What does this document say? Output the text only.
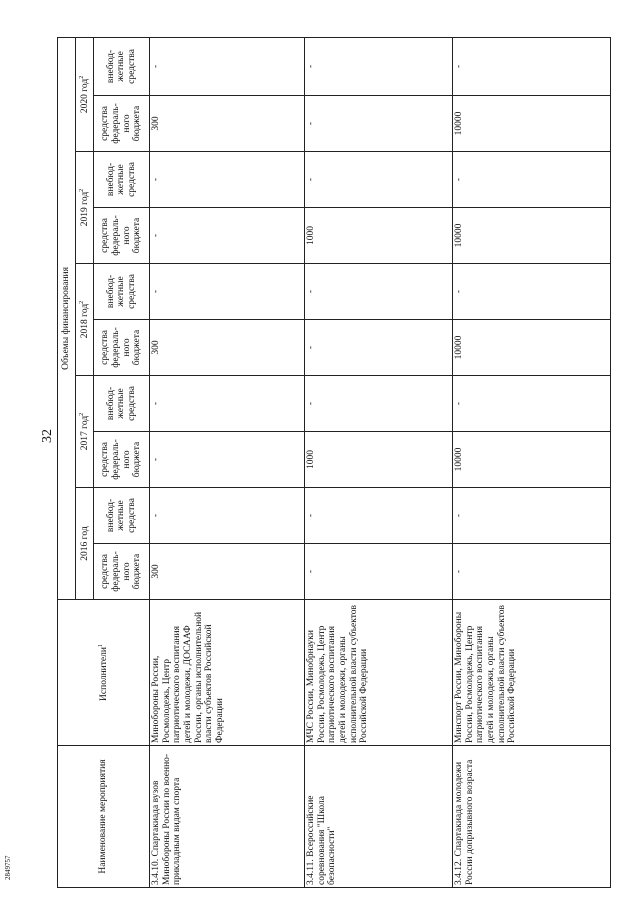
32
2849757	Наименование мероприятия	Исполнители$^1$	Объемы финансирования									
		2016 год		2017 год$^2$		2018 год$^2$		2019 год$^2$		2020 год$^2$
		средства федераль-ного бюджета	внебюд-жетные средства	средства федераль-ного бюджета	внебюд-жетные средства	средства федераль-ного бюджета	внебюд-жетные средства	средства федераль-ного бюджета	внебюд-жетные средства	средства федераль-ного бюджета	внебюд-жетные средства
3.4.10. Спартакиада вузов Минобороны России по военно-прикладным видам спорта	Минобороны России, Росмолодежь, Центр патриотического воспитания детей и молодежи, ДОСААФ России, органы исполнительной власти субъектов Российской Федерации	300	-	-	-	300	-	-	-	300	-
3.4.11. Всероссийские соревнования "Школа безопасности"	МЧС России, Минобрнауки России, Росмолодежь, Центр патриотического воспитания детей и молодежи, органы исполнительной власти субъектов Российской Федерации	-	-	1000	-	-	-	1000	-	-	-
3.4.12. Спартакиада молодежи России допризывного возраста	Минспорт России, Минобороны России, Росмолодежь, Центр патриотического воспитания детей и молодежи, органы исполнительной власти субъектов Российской Федерации	-	-	10000	-	10000	-	10000	-	10000	-
